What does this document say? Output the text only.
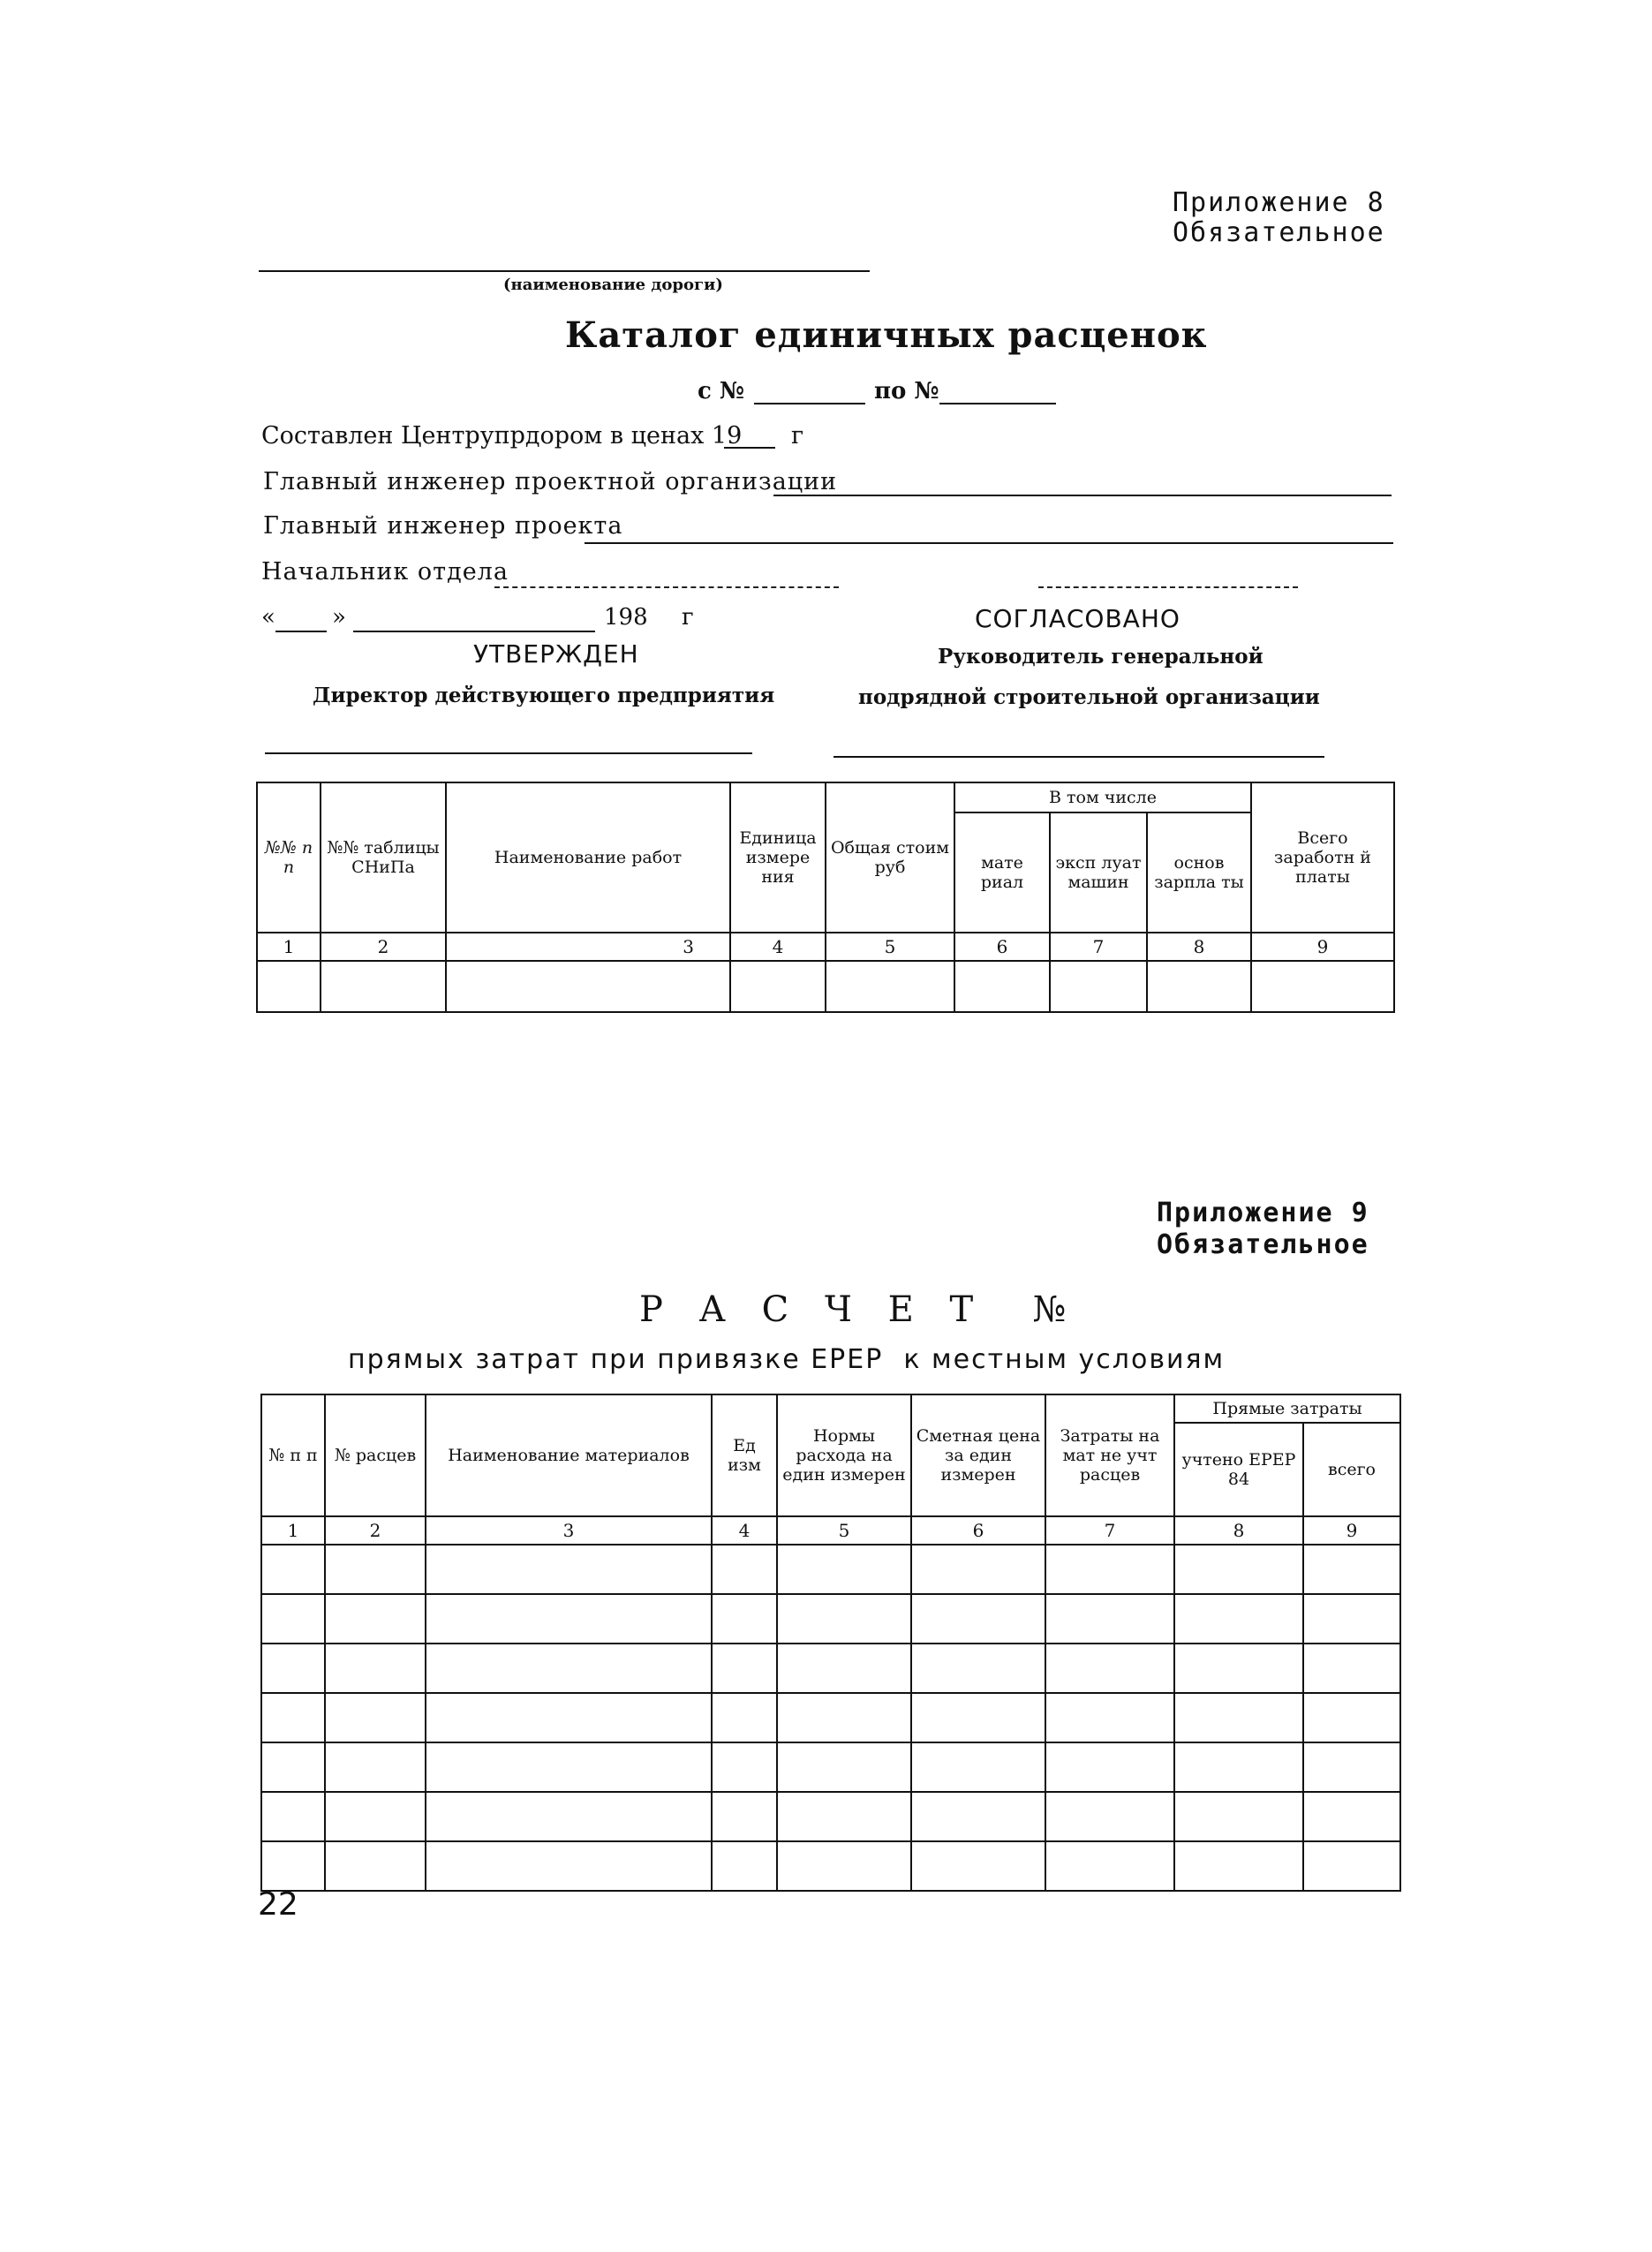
Приложение 8
Обязательное
(наименование дороги)
Каталог единичных расценок
с №	по №
Составлен Центрупрдором в ценах 19 г
Главный инженер проектной организации
Главный инженер проекта
Начальник отдела
« »	198 г	СОГЛАСОВАНО
УТВЕРЖДЕН	Руководитель генеральной
Директор действующего предприятия	подрядной строительной организации
№№ п п	№№ таблицы СНиПа	Наименование работ	Единица измере ния	Общая стоим руб	В том числе			Всего заработн й платы
					мате риал	эксп луат машин	основ зарпла ты	
1	2	3	4	5	6	7	8	9

Приложение 9
Обязательное
Р А С Ч Е Т  №
прямых затрат при привязке ЕРЕР  к местным условиям
№ п п	№ расцев	Наименование материалов	Ед изм	Нормы расхода на един измерен	Сметная цена за един измерен	Затраты на мат не учт расцев	Прямые затраты	
							учтено ЕРЕР 84	всего
1	2	3	4	5	6	7	8	9

22
